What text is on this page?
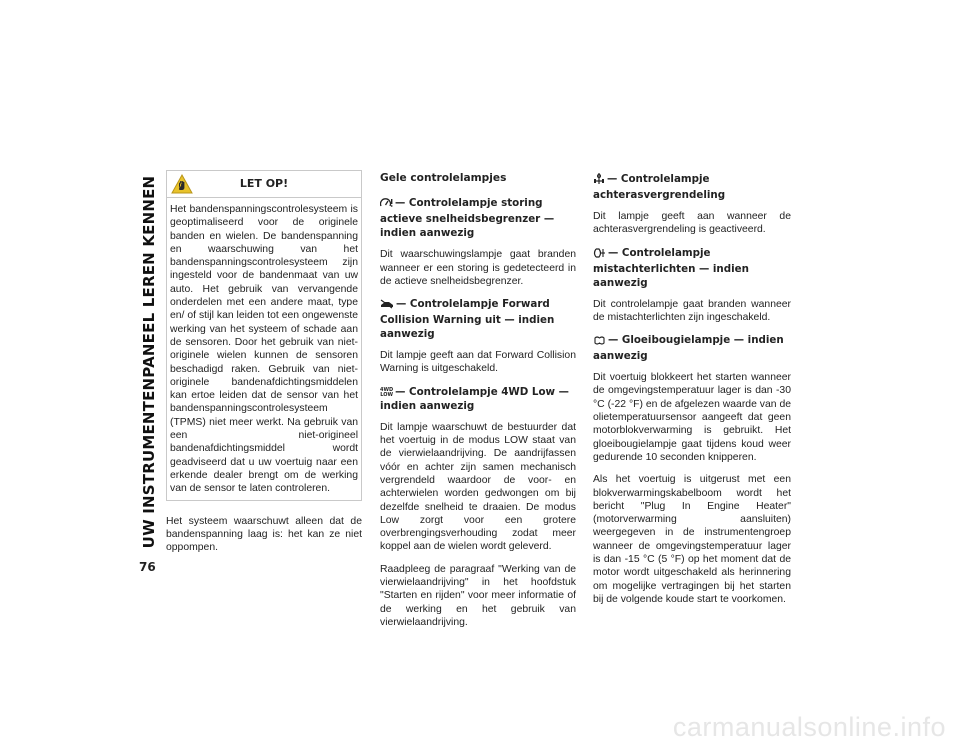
UW INSTRUMENTENPANEEL LEREN KENNEN
76
LET OP!
Het bandenspanningscontrolesysteem is geoptimaliseerd voor de originele banden en wielen. De bandenspanning en waarschuwing van het bandenspanningscontrolesysteem zijn ingesteld voor de bandenmaat van uw auto. Het gebruik van vervangende onderdelen met een andere maat, type en/ of stijl kan leiden tot een ongewenste werking van het systeem of schade aan de sensoren. Door het gebruik van niet-originele wielen kunnen de sensoren beschadigd raken. Gebruik van niet-originele bandenafdichtingsmiddelen kan ertoe leiden dat de sensor van het bandenspanningscontrolesysteem (TPMS) niet meer werkt. Na gebruik van een niet-origineel bandenafdichtingsmiddel wordt geadviseerd dat u uw voertuig naar een erkende dealer brengt om de werking van de sensor te laten controleren.

Het systeem waarschuwt alleen dat de bandenspanning laag is: het kan ze niet oppompen.

Gele controlelampjes
— Controlelampje storing actieve snelheidsbegrenzer — indien aanwezig

Dit waarschuwingslampje gaat branden wanneer er een storing is gedetecteerd in de actieve snelheidsbegrenzer.

— Controlelampje Forward Collision Warning uit — indien aanwezig

Dit lampje geeft aan dat Forward Collision Warning is uitgeschakeld.

4WD
LOW — Controlelampje 4WD Low — indien aanwezig

Dit lampje waarschuwt de bestuurder dat het voertuig in de modus LOW staat van de vierwielaandrijving. De aandrijfassen vóór en achter zijn samen mechanisch vergrendeld waardoor de voor- en achterwielen worden gedwongen om bij dezelfde snelheid te draaien. De modus Low zorgt voor een grotere overbrengingsverhouding zodat meer koppel aan de wielen wordt geleverd.

Raadpleeg de paragraaf "Werking van de vierwielaandrijving" in het hoofdstuk "Starten en rijden" voor meer informatie of de werking en het gebruik van vierwielaandrijving.

— Controlelampje achterasvergrendeling

Dit lampje geeft aan wanneer de achterasvergrendeling is geactiveerd.

— Controlelampje mistachterlichten — indien aanwezig

Dit controlelampje gaat branden wanneer de mistachterlichten zijn ingeschakeld.

— Gloeibougielampje — indien aanwezig

Dit voertuig blokkeert het starten wanneer de omgevingstemperatuur lager is dan -30 °C (-22 °F) en de afgelezen waarde van de olietemperatuursensor aangeeft dat geen motorblokverwarming is gebruikt. Het gloeibougielampje gaat tijdens koud weer gedurende 10 seconden knipperen.

Als het voertuig is uitgerust met een blokverwarmingskabelboom wordt het bericht "Plug In Engine Heater" (motorverwarming aansluiten) weergegeven in de instrumentengroep wanneer de omgevingstemperatuur lager is dan -15 °C (5 °F) op het moment dat de motor wordt uitgeschakeld als herinnering om mogelijke vertragingen bij het starten bij de volgende koude start te voorkomen.

carmanualsonline.info
